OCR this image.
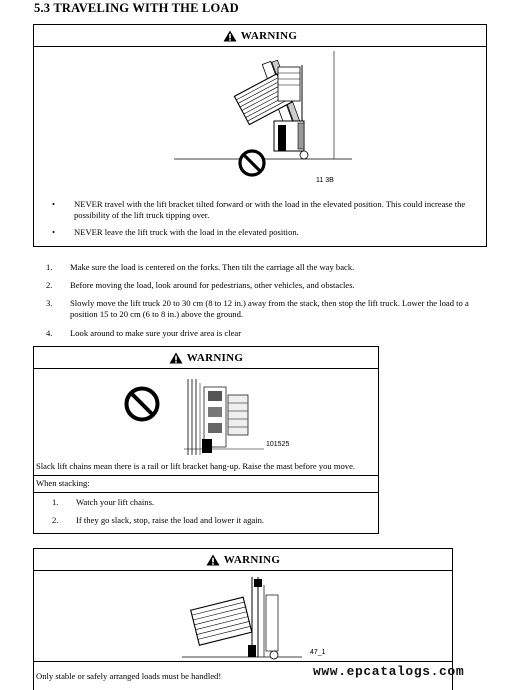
5.3 TRAVELING WITH THE LOAD
WARNING
11 3B
• NEVER travel with the lift bracket tilted forward or with the load in the elevated position. This could increase the possibility of the lift truck tipping over.
• NEVER leave the lift truck with the load in the elevated position.
1. Make sure the load is centered on the forks. Then tilt the carriage all the way back.
2. Before moving the load, look around for pedestrians, other vehicles, and obstacles.
3. Slowly move the lift truck 20 to 30 cm (8 to 12 in.) away from the stack, then stop the lift truck. Lower the load to a position 15 to 20 cm (6 to 8 in.) above the ground.
4. Look around to make sure your drive area is clear
WARNING
101525
Slack lift chains mean there is a rail or lift bracket hang-up. Raise the mast before you move.
When stacking:
1. Watch your lift chains.
2. If they go slack, stop, raise the load and lower it again.
WARNING
47_1
Only stable or safely arranged loads must be handled!	www.epcatalogs.com
